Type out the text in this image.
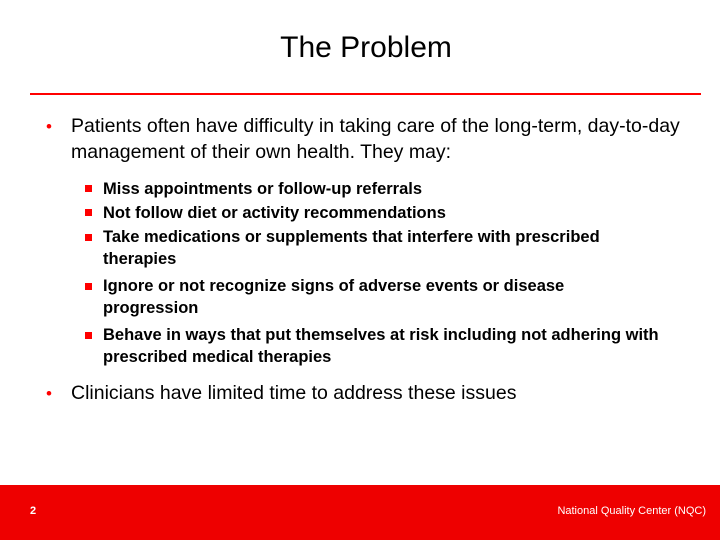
The Problem
• Patients often have difficulty in taking care of the long-term, day-to-day management of their own health. They may:
Miss appointments or follow-up referrals
Not follow diet or activity recommendations
Take medications or supplements that interfere with prescribed therapies
Ignore or not recognize signs of adverse events or disease progression
Behave in ways that put themselves at risk including not adhering with prescribed medical therapies
• Clinicians have limited time to address these issues
2	National Quality Center (NQC)
